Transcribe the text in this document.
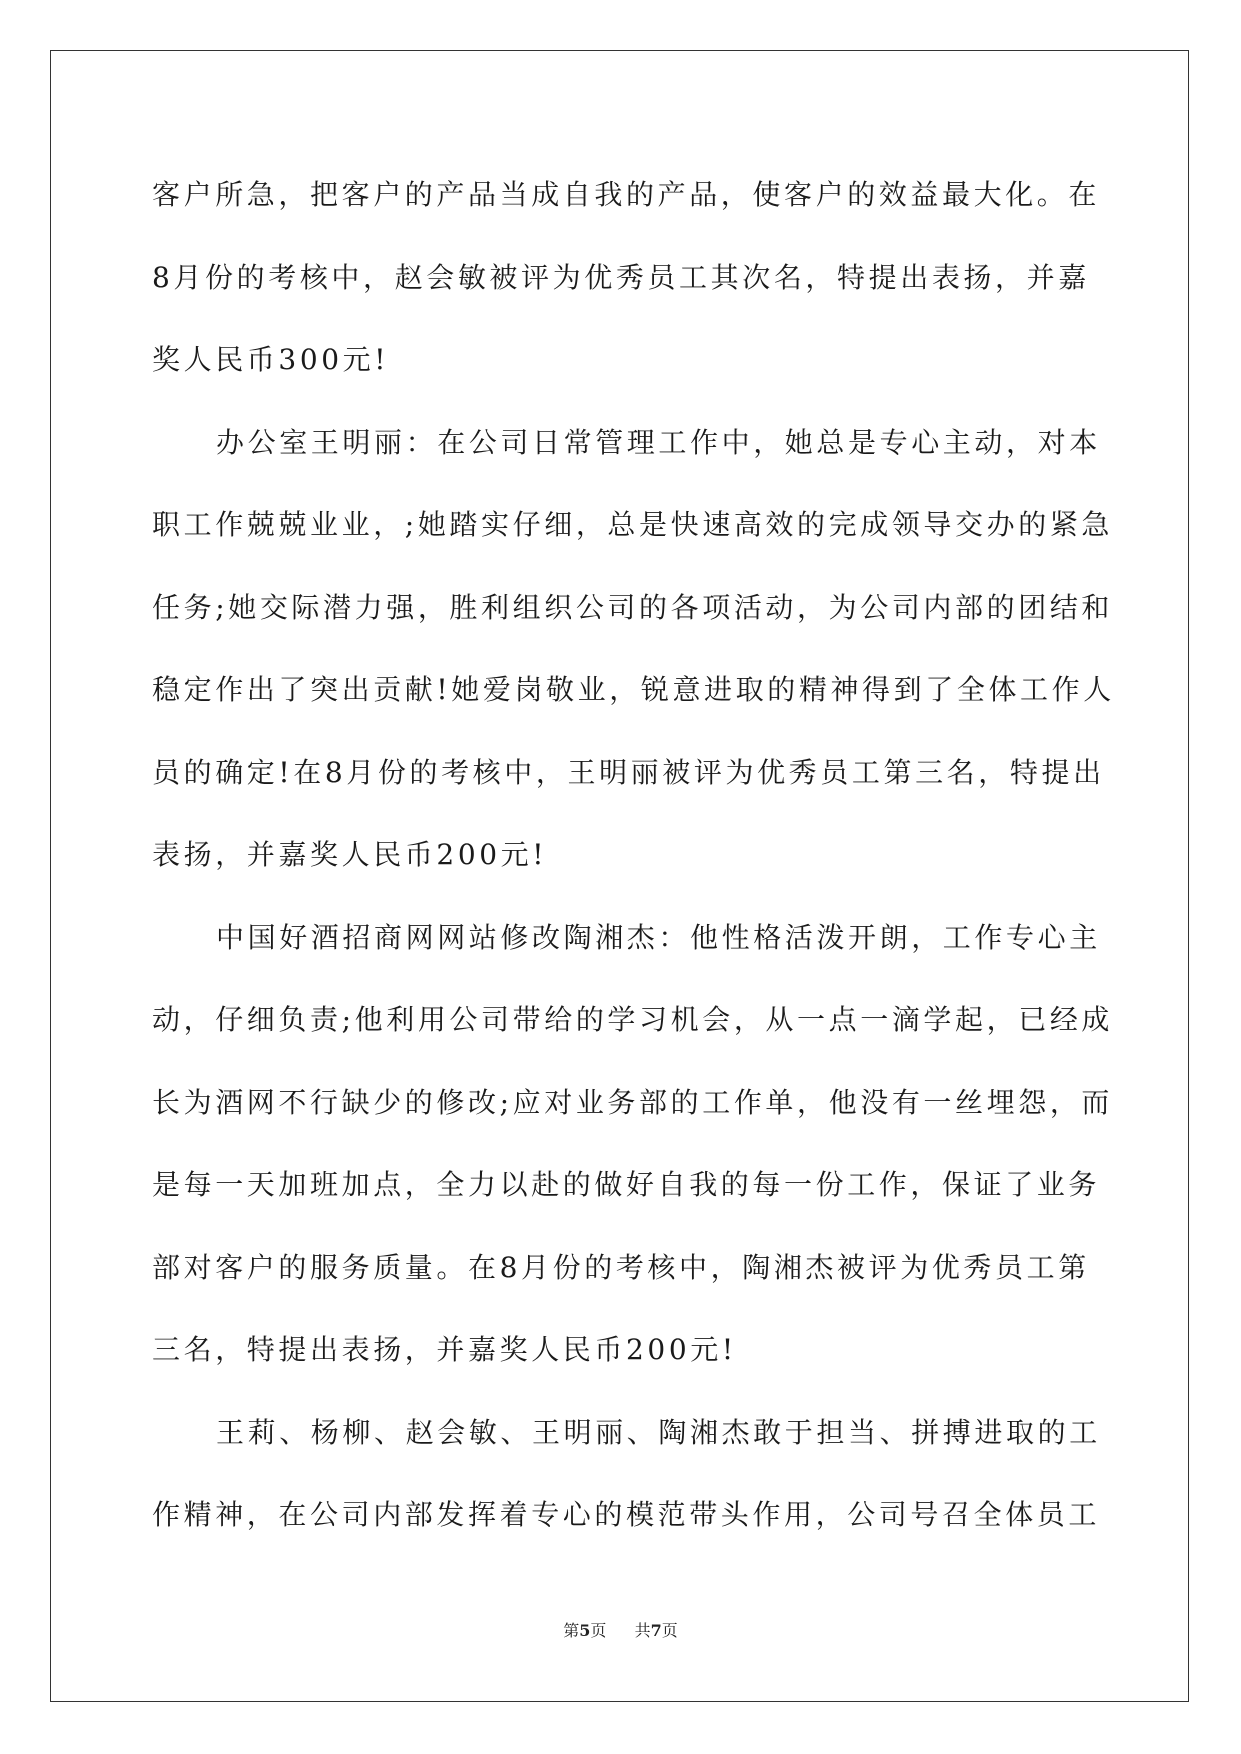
客户所急，把客户的产品当成自我的产品，使客户的效益最大化。在
8月份的考核中，赵会敏被评为优秀员工其次名，特提出表扬，并嘉
奖人民币300元!

办公室王明丽：在公司日常管理工作中，她总是专心主动，对本
职工作兢兢业业，;她踏实仔细，总是快速高效的完成领导交办的紧急
任务;她交际潜力强，胜利组织公司的各项活动，为公司内部的团结和
稳定作出了突出贡献!她爱岗敬业，锐意进取的精神得到了全体工作人
员的确定!在8月份的考核中，王明丽被评为优秀员工第三名，特提出
表扬，并嘉奖人民币200元!

中国好酒招商网网站修改陶湘杰：他性格活泼开朗，工作专心主
动，仔细负责;他利用公司带给的学习机会，从一点一滴学起，已经成
长为酒网不行缺少的修改;应对业务部的工作单，他没有一丝埋怨，而
是每一天加班加点，全力以赴的做好自我的每一份工作，保证了业务
部对客户的服务质量。在8月份的考核中，陶湘杰被评为优秀员工第
三名，特提出表扬，并嘉奖人民币200元!

王莉、杨柳、赵会敏、王明丽、陶湘杰敢于担当、拼搏进取的工
作精神，在公司内部发挥着专心的模范带头作用，公司号召全体员工

第5页 共7页
